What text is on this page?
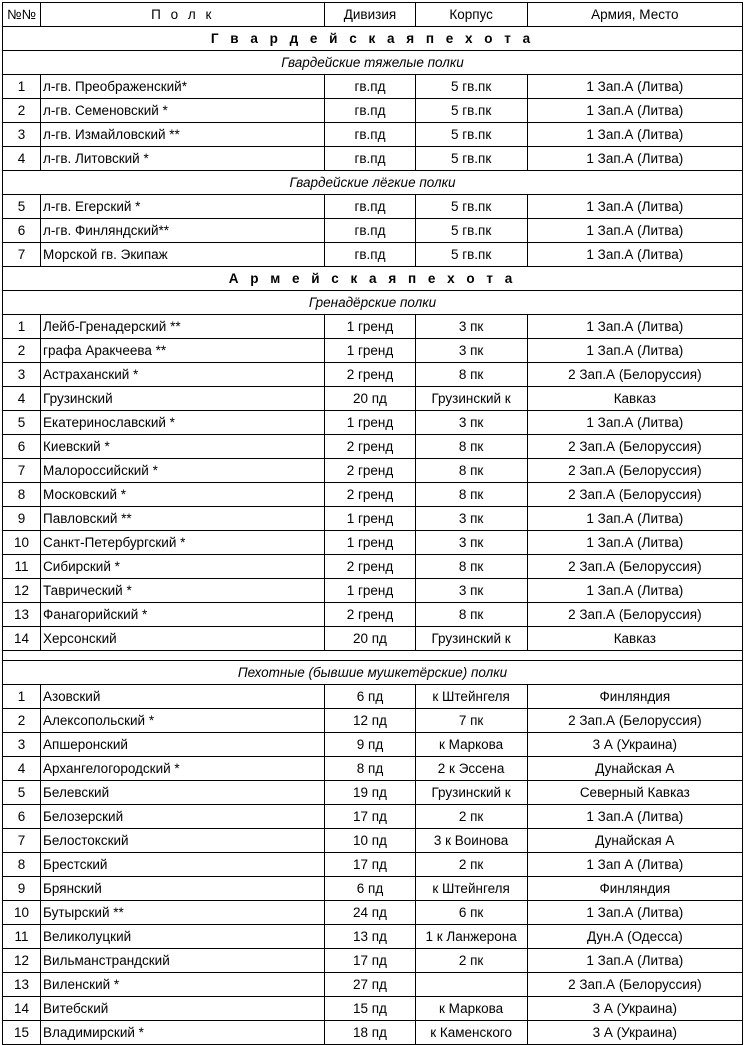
№№	П о л к	Дивизия	Корпус	Армия, Место
Г в а р д е й с к а я п е х о т а				
Гвардейские тяжелые полки				
1	л-гв. Преображенский*	гв.пд	5 гв.пк	1 Зап.А (Литва)
2	л-гв. Семеновский *	гв.пд	5 гв.пк	1 Зап.А (Литва)
3	л-гв. Измайловский **	гв.пд	5 гв.пк	1 Зап.А (Литва)
4	л-гв. Литовский *	гв.пд	5 гв.пк	1 Зап.А (Литва)
Гвардейские лёгкие полки				
5	л-гв. Егерский *	гв.пд	5 гв.пк	1 Зап.А (Литва)
6	л-гв. Финляндский**	гв.пд	5 гв.пк	1 Зап.А (Литва)
7	Морской гв. Экипаж	гв.пд	5 гв.пк	1 Зап.А (Литва)
А р м е й с к а я п е х о т а				
Гренадёрские полки				
1	Лейб-Гренадерский **	1 гренд	3 пк	1 Зап.А (Литва)
2	графа Аракчеева **	1 гренд	3 пк	1 Зап.А (Литва)
3	Астраханский *	2 гренд	8 пк	2 Зап.А (Белоруссия)
4	Грузинский	20 пд	Грузинский к	Кавказ
5	Екатеринославский *	1 гренд	3 пк	1 Зап.А (Литва)
6	Киевский *	2 гренд	8 пк	2 Зап.А (Белоруссия)
7	Малороссийский *	2 гренд	8 пк	2 Зап.А (Белоруссия)
8	Московский *	2 гренд	8 пк	2 Зап.А (Белоруссия)
9	Павловский **	1 гренд	3 пк	1 Зап.А (Литва)
10	Санкт-Петербургский *	1 гренд	3 пк	1 Зап.А (Литва)
11	Сибирский *	2 гренд	8 пк	2 Зап.А (Белоруссия)
12	Таврический *	1 гренд	3 пк	1 Зап.А (Литва)
13	Фанагорийский *	2 гренд	8 пк	2 Зап.А (Белоруссия)
14	Херсонский	20 пд	Грузинский к	Кавказ

Пехотные (бывшие мушкетёрские) полки				
1	Азовский	6 пд	к Штейнгеля	Финляндия
2	Алексопольский *	12 пд	7 пк	2 Зап.А (Белоруссия)
3	Апшеронский	9 пд	к Маркова	3 А (Украина)
4	Архангелогородский *	8 пд	2 к Эссена	Дунайская А
5	Белевский	19 пд	Грузинский к	Северный Кавказ
6	Белозерский	17 пд	2 пк	1 Зап.А (Литва)
7	Белостокский	10 пд	3 к Воинова	Дунайская А
8	Брестский	17 пд	2 пк	1 Зап А (Литва)
9	Брянский	6 пд	к Штейнгеля	Финляндия
10	Бутырский **	24 пд	6 пк	1 Зап.А (Литва)
11	Великолуцкий	13 пд	1 к Ланжерона	Дун.А (Одесса)
12	Вильманстрандский	17 пд	2 пк	1 Зап.А (Литва)
13	Виленский *	27 пд		2 Зап.А (Белоруссия)
14	Витебский	15 пд	к Маркова	3 А (Украина)
15	Владимирский *	18 пд	к Каменского	3 А (Украина)
